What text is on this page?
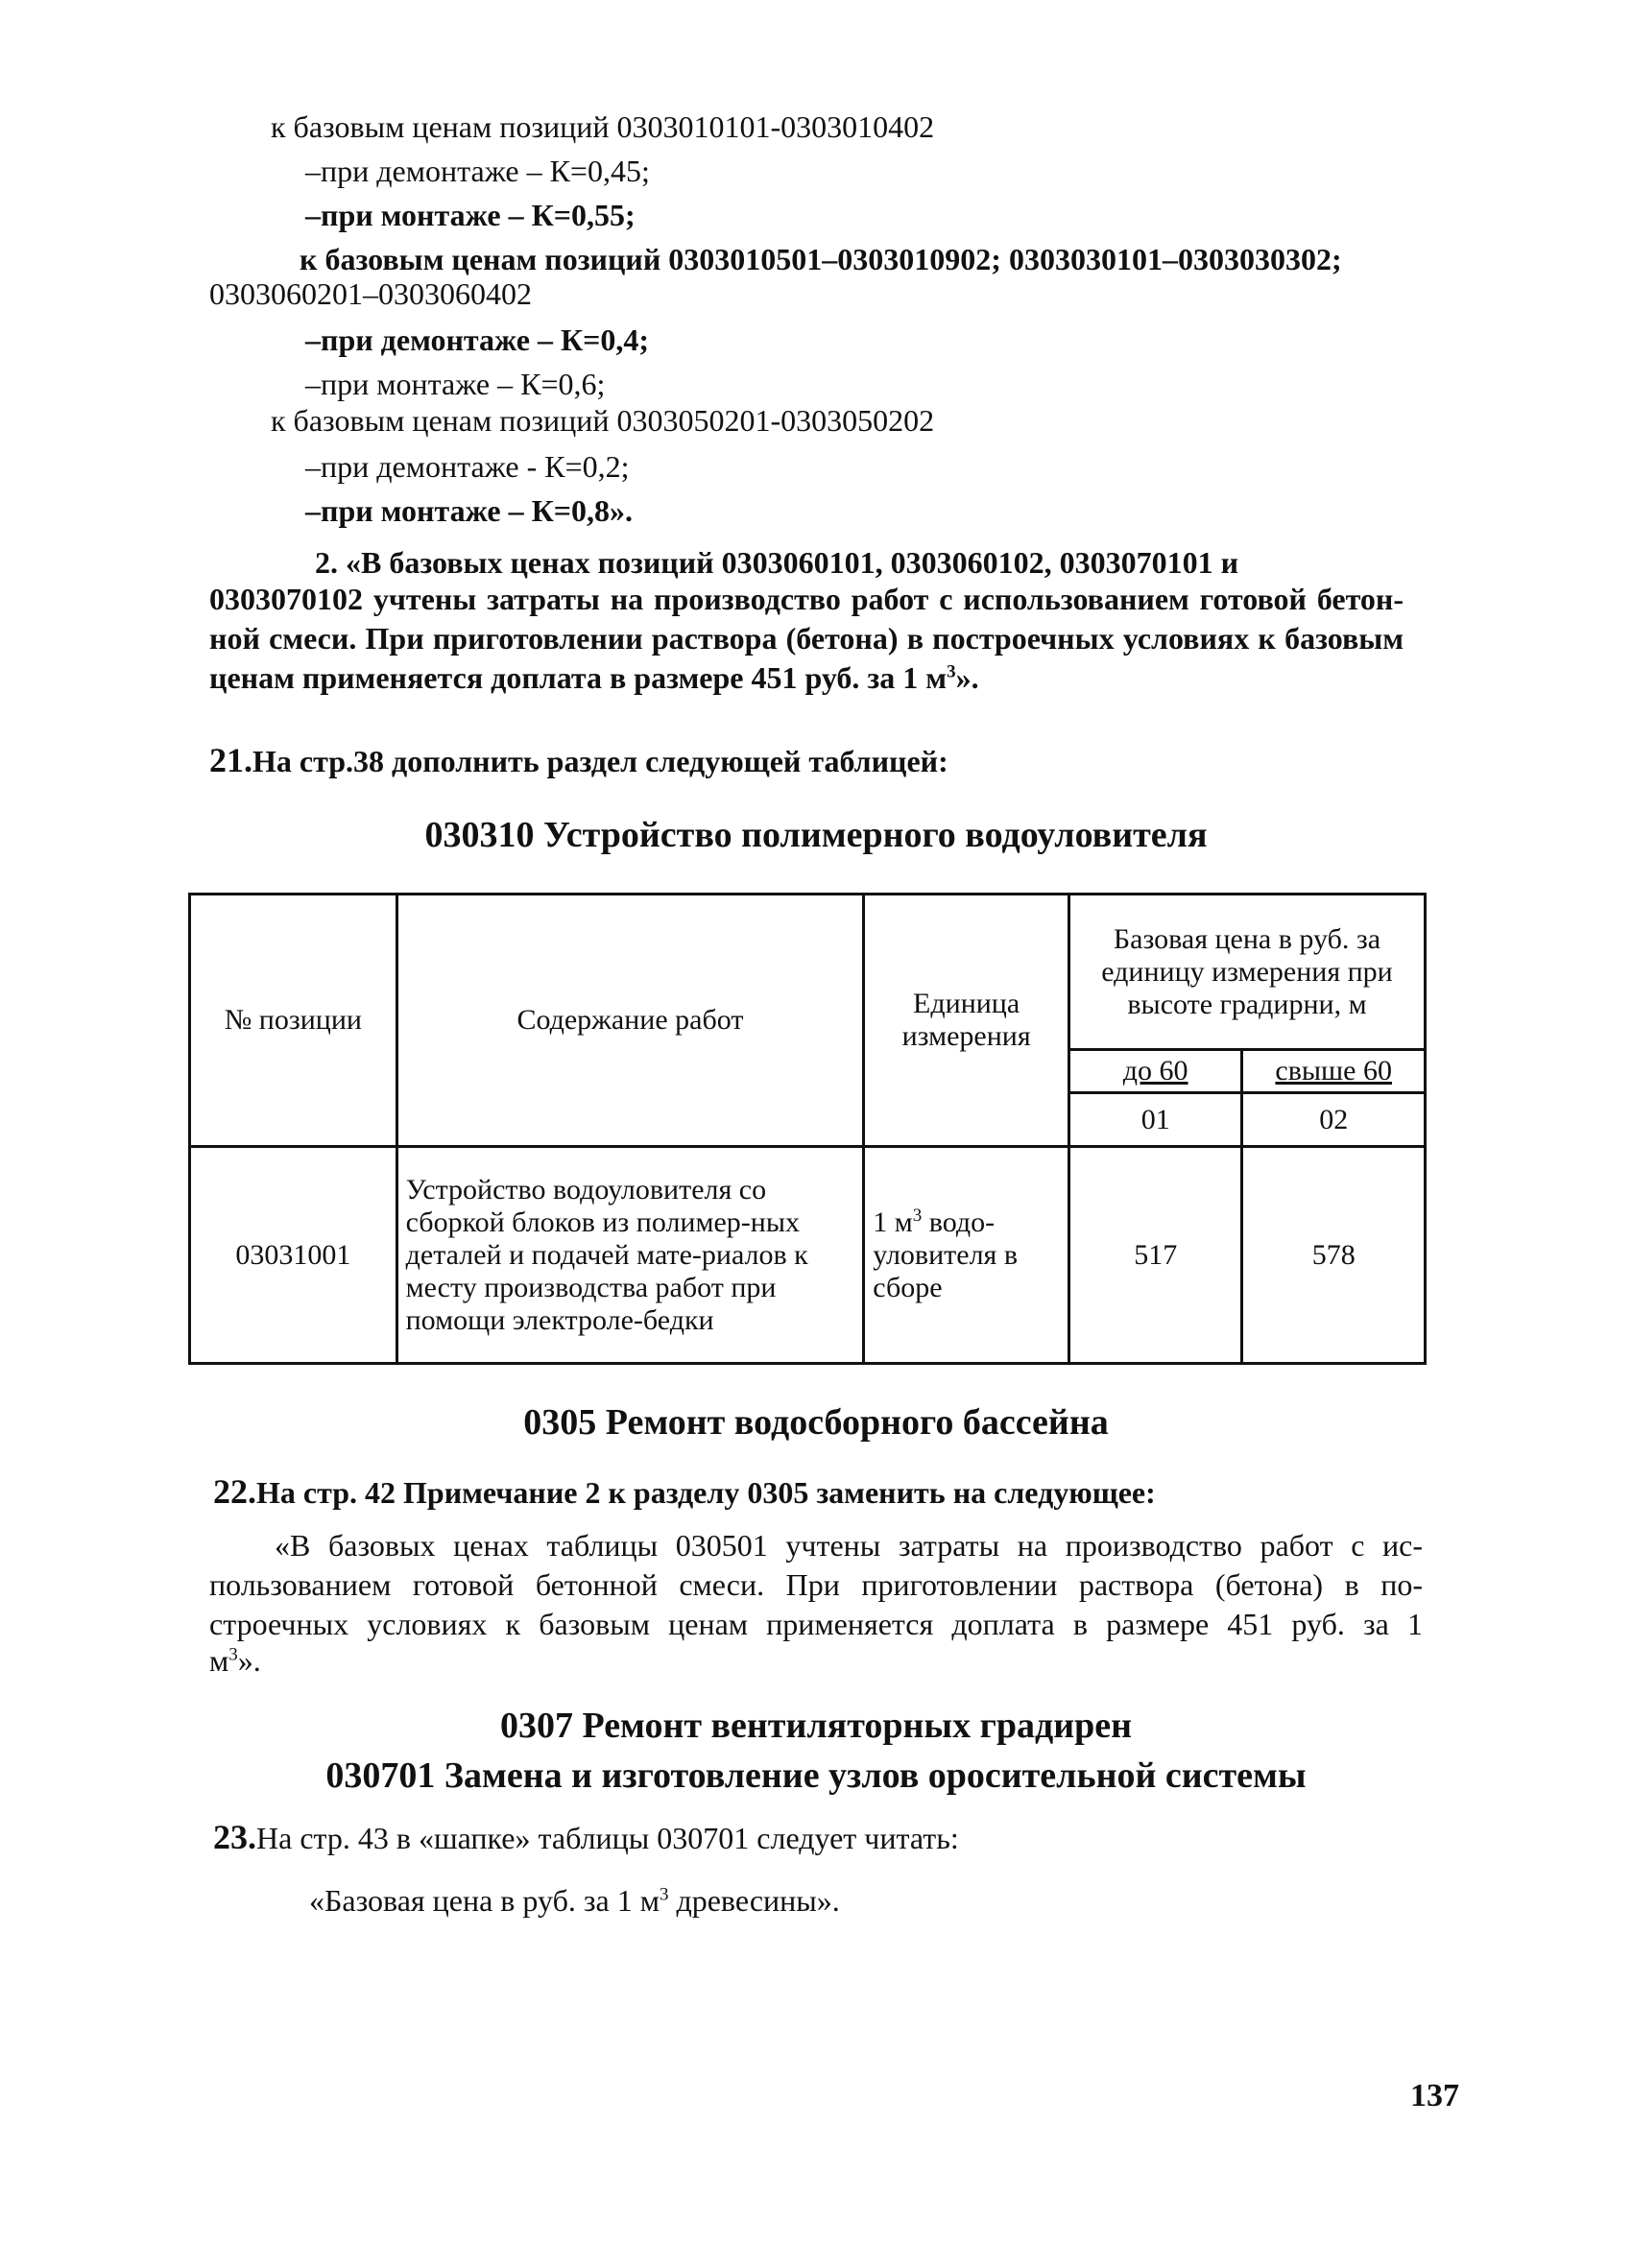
к базовым ценам позиций 0303010101-0303010402
–при демонтаже – К=0,45;
–при монтаже – К=0,55;
к базовым ценам позиций 0303010501–0303010902; 0303030101–0303030302;
0303060201–0303060402
–при демонтаже – К=0,4;
–при монтаже – К=0,6;
к базовым ценам позиций 0303050201-0303050202
–при демонтаже - К=0,2;
–при монтаже – К=0,8».
2. «В базовых ценах позиций 0303060101, 0303060102, 0303070101 и
0303070102 учтены затраты на производство работ с использованием готовой бетон-
ной смеси. При приготовлении раствора (бетона) в построечных условиях к базовым
ценам применяется доплата в размере 451 руб. за 1 $м^3$».
21.На стр.38 дополнить раздел следующей таблицей:
030310 Устройство полимерного водоуловителя
№ позиции	Содержание работ	Единица измерения	Базовая цена в руб. за единицу измерения при высоте градирни, м	
			до 60	свыше 60
			01	02
03031001	Устройство водоуловителя со сборкой блоков из полимер-ных деталей и подачей мате-риалов к месту производства работ при помощи электроле-бедки	1 $м^3$ водо-уловителя в сборе	517	578
0305 Ремонт водосборного бассейна
22.На стр. 42 Примечание 2 к разделу 0305 заменить на следующее:
«В базовых ценах таблицы 030501 учтены затраты на производство работ с ис-
пользованием готовой бетонной смеси. При приготовлении раствора (бетона) в по-
строечных условиях к базовым ценам применяется доплата в размере 451 руб. за 1
$м^3$».
0307 Ремонт вентиляторных градирен
030701 Замена и изготовление узлов оросительной системы
23.На стр. 43 в «шапке» таблицы 030701 следует читать:
«Базовая цена в руб. за 1 $м^3$ древесины».
137
